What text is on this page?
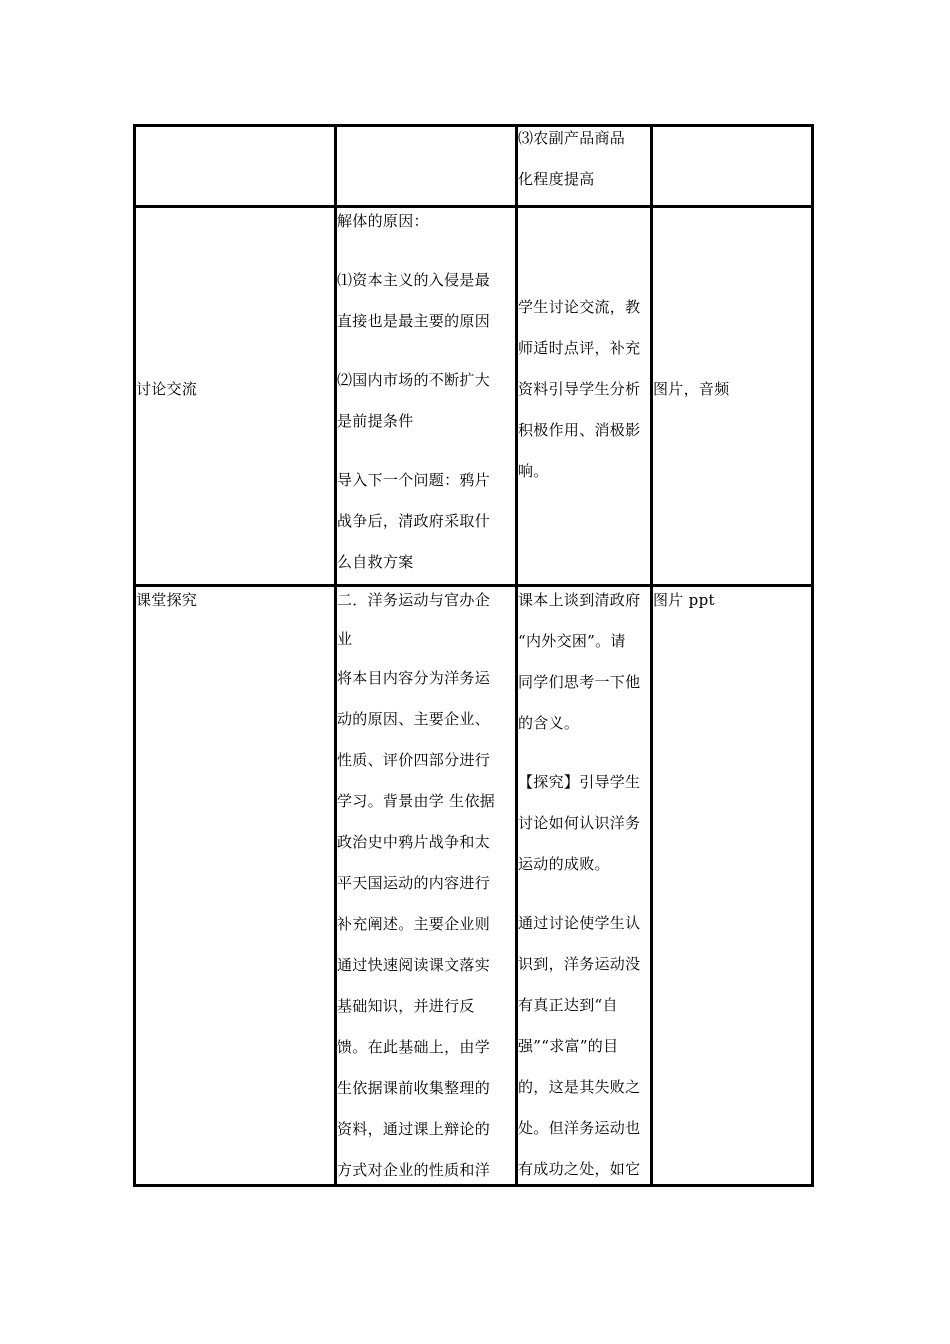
⑶农副产品商品
化程度提高
讨论交流
解体的原因：
⑴资本主义的入侵是最
直接也是最主要的原因
⑵国内市场的不断扩大
是前提条件
导入下一个问题：鸦片
战争后，清政府采取什
么自救方案
学生讨论交流，教
师适时点评，补充
资料引导学生分析
积极作用、消极影
响。
图片，音频
课堂探究	二．洋务运动与官办企
业
将本目内容分为洋务运
动的原因、主要企业、
性质、评价四部分进行
学习。背景由学 生依据
政治史中鸦片战争和太
平天国运动的内容进行
补充阐述。主要企业则
通过快速阅读课文落实
基础知识，并进行反
馈。在此基础上，由学
生依据课前收集整理的
资料，通过课上辩论的
方式对企业的性质和洋
课本上谈到清政府
“内外交困”。请
同学们思考一下他
的含义。
【探究】引导学生
讨论如何认识洋务
运动的成败。
通过讨论使学生认
识到，洋务运动没
有真正达到“自
强”“求富”的目
的，这是其失败之
处。但洋务运动也
有成功之处，如它
图片 ppt
